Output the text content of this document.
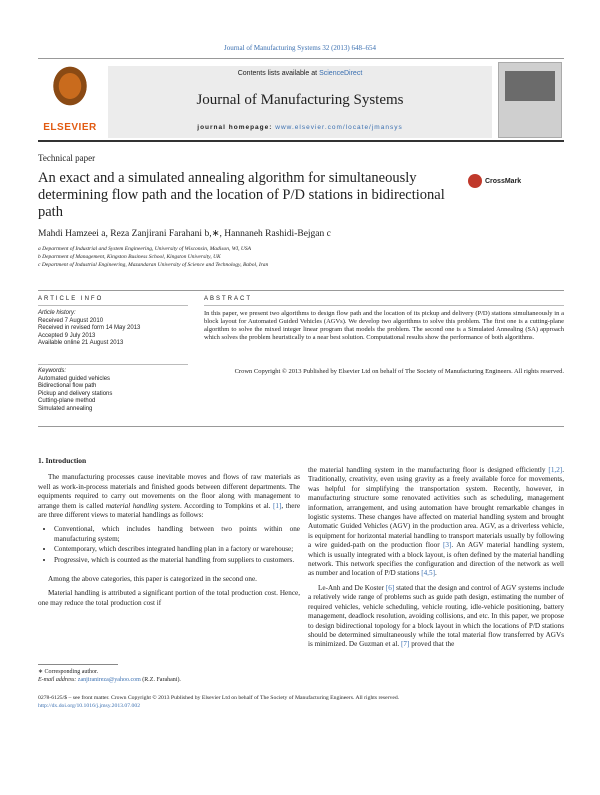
Journal of Manufacturing Systems 32 (2013) 648–654
ELSEVIER
Contents lists available at ScienceDirect
Journal of Manufacturing Systems
journal homepage: www.elsevier.com/locate/jmansys
Technical paper
An exact and a simulated annealing algorithm for simultaneously determining flow path and the location of P/D stations in bidirectional path
CrossMark
Mahdi Hamzeei a, Reza Zanjirani Farahani b,∗, Hannaneh Rashidi-Bejgan c
a Department of Industrial and System Engineering, University of Wisconsin, Madison, WI, USA
b Department of Management, Kingston Business School, Kingston University, UK
c Department of Industrial Engineering, Mazandaran University of Science and Technology, Babol, Iran
ARTICLE INFO	ABSTRACT
Article history:
Received 7 August 2010
Received in revised form 14 May 2013
Accepted 9 July 2013
Available online 21 August 2013
Keywords:
Automated guided vehicles
Bidirectional flow path
Pickup and delivery stations
Cutting-plane method
Simulated annealing
In this paper, we present two algorithms to design flow path and the location of its pickup and delivery (P/D) stations simultaneously in a block layout for Automated Guided Vehicles (AGVs). We develop two algorithms to solve this problem. The first one is a cutting-plane algorithm to solve the mixed integer linear program that models the problem. The second one is a Simulated Annealing (SA) approach which solves the problem heuristically to a near best solution. Computational results show the performance of both algorithms.
Crown Copyright © 2013 Published by Elsevier Ltd on behalf of The Society of Manufacturing Engineers. All rights reserved.
1. Introduction

The manufacturing processes cause inevitable moves and flows of raw materials as well as work-in-process materials and finished goods between different departments. The equipments required to carry out movements on the floor along with management to arrange them is called material handling system. According to Tompkins et al. [1], there are three different views to material handlings as follows:

• Conventional, which includes handling between two points within one manufacturing system;
• Contemporary, which describes integrated handling plan in a factory or warehouse;
• Progressive, which is counted as the material handling from suppliers to customers.

Among the above categories, this paper is categorized in the second one.

Material handling is attributed a significant portion of the total production cost. Hence, one may reduce the total production cost if

the material handling system in the manufacturing floor is designed efficiently [1,2]. Traditionally, creativity, even using gravity as a freely available force for movements, was helpful for simplifying the transportation system. Recently, however, in manufacturing structure some renovated activities such as scheduling, management information, arrangement, and using automation have brought remarkable changes in logistic systems. These changes have affected on material handling system and brought Automatic Guided Vehicles (AGV) in the production area. AGV, as a driverless vehicle, is equipment for horizontal material handling to transport materials usually by following a wire guided-path on the production floor [3]. An AGV material handling system, which is usually integrated with a block layout, is often defined by the material handling network. This network specifies the configuration and direction of the network as well as number and location of P/D stations [4,5].

Le-Anh and De Koster [6] stated that the design and control of AGV systems include a relatively wide range of problems such as guide path design, estimating the number of required vehicles, vehicle scheduling, vehicle routing, idle-vehicle positioning, battery management, deadlock resolution, avoiding collisions, and etc. In this paper, we propose to design bidirectional topology for a block layout in which the locations of P/D stations should be determined simultaneously while the total material flow transferred by AGVs is minimized. De Guzman et al. [7] proved that the

∗ Corresponding author.
E-mail address: zanjiranireza@yahoo.com (R.Z. Farahani).
0278-6125/$ – see front matter. Crown Copyright © 2013 Published by Elsevier Ltd on behalf of The Society of Manufacturing Engineers. All rights reserved.
http://dx.doi.org/10.1016/j.jmsy.2013.07.002
